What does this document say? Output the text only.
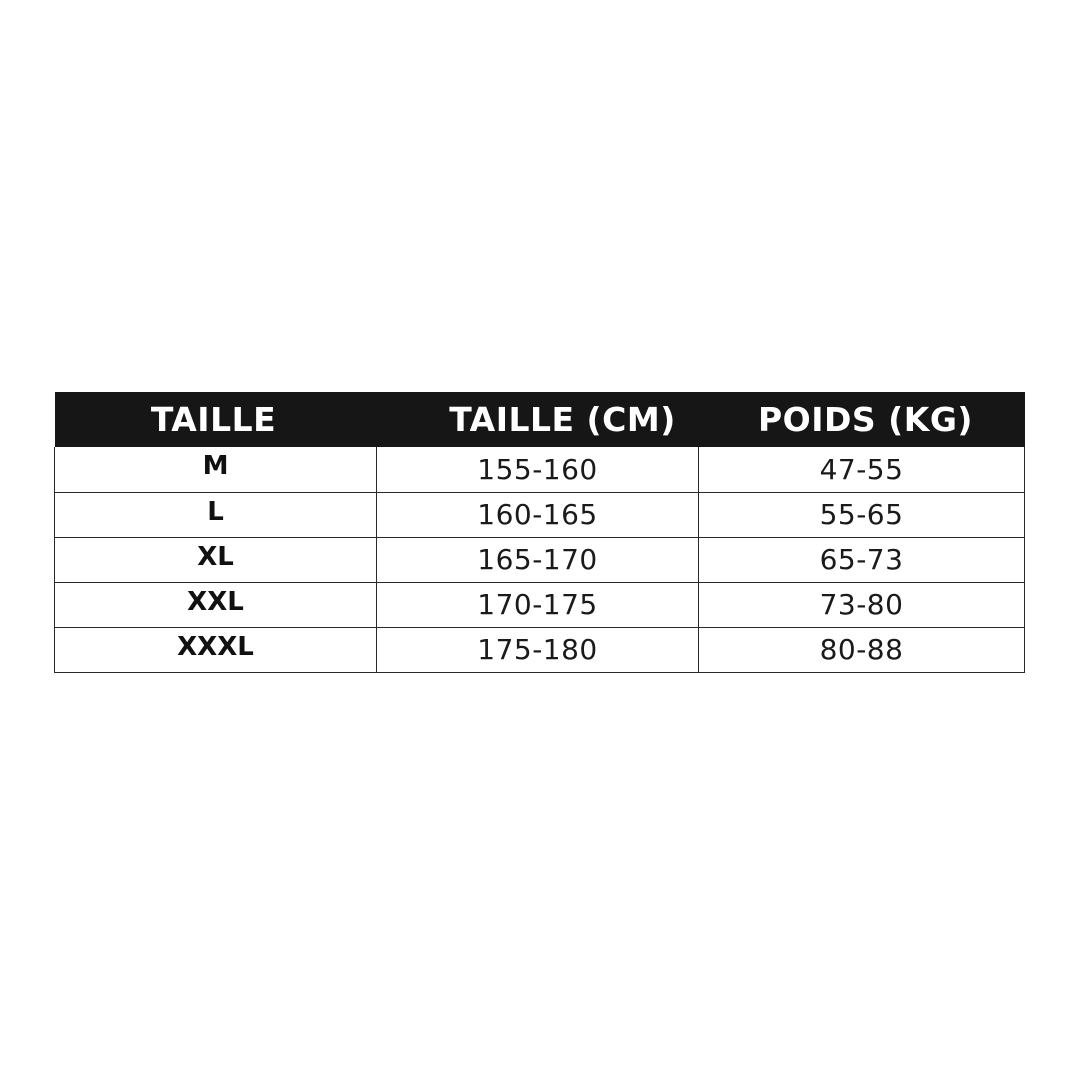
TAILLE	TAILLE (CM)	POIDS (KG)
M	155-160	47-55
L	160-165	55-65
XL	165-170	65-73
XXL	170-175	73-80
XXXL	175-180	80-88
